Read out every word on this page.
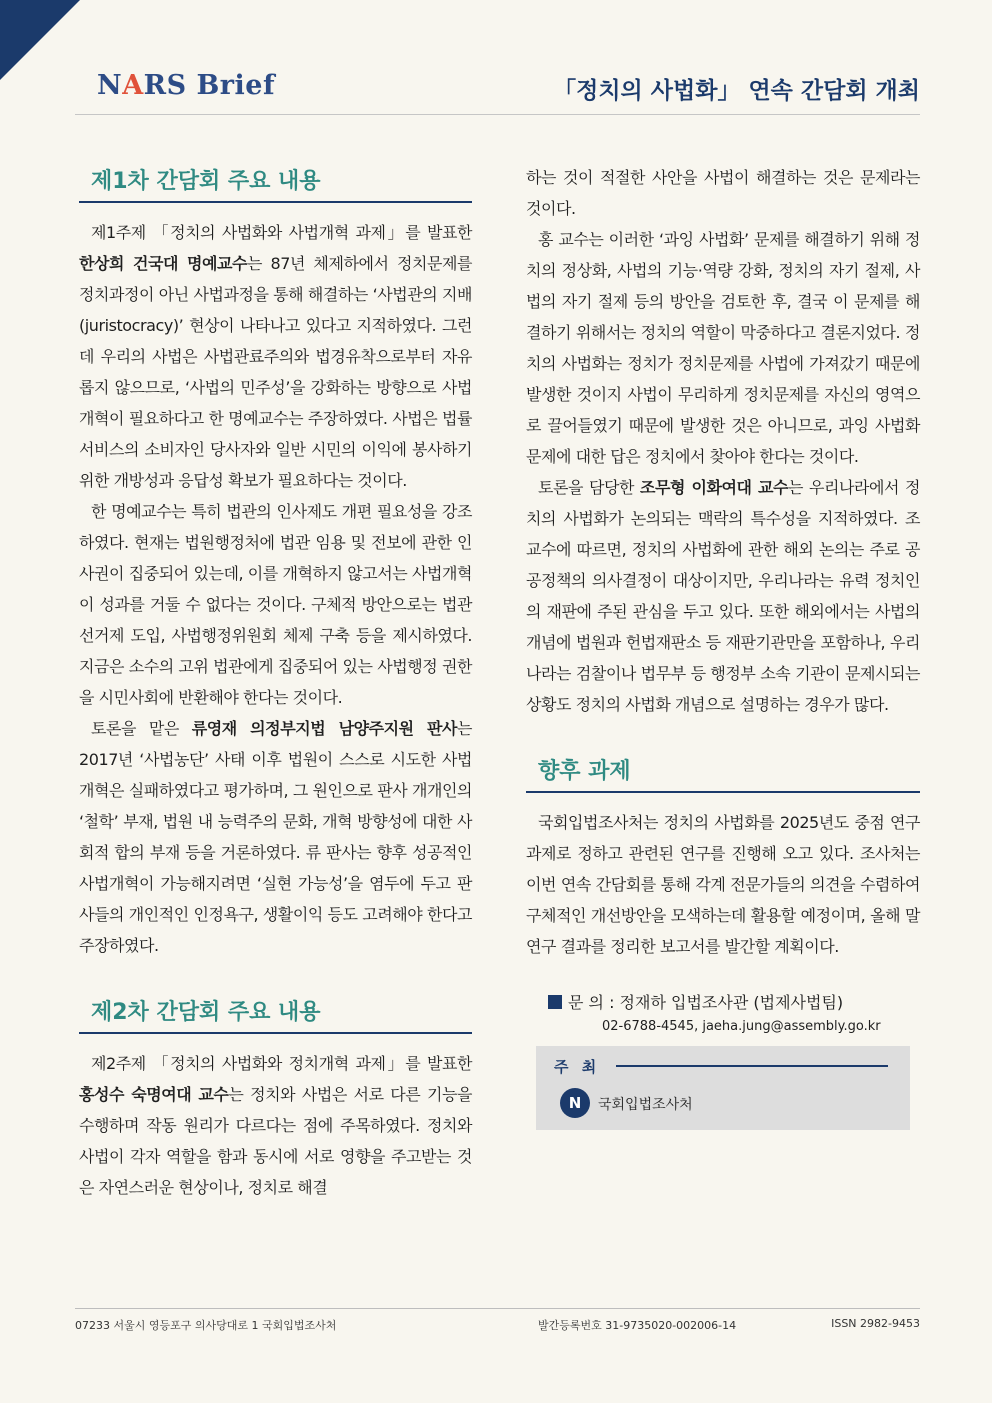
NARS Brief	「정치의 사법화」 연속 간담회 개최
제1차 간담회 주요 내용

제1주제 「정치의 사법화와 사법개혁 과제」를 발표한 한상희 건국대 명예교수는 87년 체제하에서 정치문제를 정치과정이 아닌 사법과정을 통해 해결하는 ‘사법관의 지배(juristocracy)’ 현상이 나타나고 있다고 지적하였다. 그런데 우리의 사법은 사법관료주의와 법경유착으로부터 자유롭지 않으므로, ‘사법의 민주성’을 강화하는 방향으로 사법개혁이 필요하다고 한 명예교수는 주장하였다. 사법은 법률서비스의 소비자인 당사자와 일반 시민의 이익에 봉사하기 위한 개방성과 응답성 확보가 필요하다는 것이다.

한 명예교수는 특히 법관의 인사제도 개편 필요성을 강조하였다. 현재는 법원행정처에 법관 임용 및 전보에 관한 인사권이 집중되어 있는데, 이를 개혁하지 않고서는 사법개혁이 성과를 거둘 수 없다는 것이다. 구체적 방안으로는 법관 선거제 도입, 사법행정위원회 체제 구축 등을 제시하였다. 지금은 소수의 고위 법관에게 집중되어 있는 사법행정 권한을 시민사회에 반환해야 한다는 것이다.

토론을 맡은 류영재 의정부지법 남양주지원 판사는 2017년 ‘사법농단’ 사태 이후 법원이 스스로 시도한 사법개혁은 실패하였다고 평가하며, 그 원인으로 판사 개개인의 ‘철학’ 부재, 법원 내 능력주의 문화, 개혁 방향성에 대한 사회적 합의 부재 등을 거론하였다. 류 판사는 향후 성공적인 사법개혁이 가능해지려면 ‘실현 가능성’을 염두에 두고 판사들의 개인적인 인정욕구, 생활이익 등도 고려해야 한다고 주장하였다.

제2차 간담회 주요 내용

제2주제 「정치의 사법화와 정치개혁 과제」를 발표한 홍성수 숙명여대 교수는 정치와 사법은 서로 다른 기능을 수행하며 작동 원리가 다르다는 점에 주목하였다. 정치와 사법이 각자 역할을 함과 동시에 서로 영향을 주고받는 것은 자연스러운 현상이나, 정치로 해결

하는 것이 적절한 사안을 사법이 해결하는 것은 문제라는 것이다.

홍 교수는 이러한 ‘과잉 사법화’ 문제를 해결하기 위해 정치의 정상화, 사법의 기능·역량 강화, 정치의 자기 절제, 사법의 자기 절제 등의 방안을 검토한 후, 결국 이 문제를 해결하기 위해서는 정치의 역할이 막중하다고 결론지었다. 정치의 사법화는 정치가 정치문제를 사법에 가져갔기 때문에 발생한 것이지 사법이 무리하게 정치문제를 자신의 영역으로 끌어들였기 때문에 발생한 것은 아니므로, 과잉 사법화 문제에 대한 답은 정치에서 찾아야 한다는 것이다.

토론을 담당한 조무형 이화여대 교수는 우리나라에서 정치의 사법화가 논의되는 맥락의 특수성을 지적하였다. 조 교수에 따르면, 정치의 사법화에 관한 해외 논의는 주로 공공정책의 의사결정이 대상이지만, 우리나라는 유력 정치인의 재판에 주된 관심을 두고 있다. 또한 해외에서는 사법의 개념에 법원과 헌법재판소 등 재판기관만을 포함하나, 우리나라는 검찰이나 법무부 등 행정부 소속 기관이 문제시되는 상황도 정치의 사법화 개념으로 설명하는 경우가 많다.

향후 과제

국회입법조사처는 정치의 사법화를 2025년도 중점 연구과제로 정하고 관련된 연구를 진행해 오고 있다. 조사처는 이번 연속 간담회를 통해 각계 전문가들의 의견을 수렴하여 구체적인 개선방안을 모색하는데 활용할 예정이며, 올해 말 연구 결과를 정리한 보고서를 발간할 계획이다.

문 의 : 정재하 입법조사관 (법제사법팀)
02-6788-4545, jaeha.jung@assembly.go.kr
주 최
N	국회입법조사처
07233 서울시 영등포구 의사당대로 1 국회입법조사처	발간등록번호 31-9735020-002006-14	ISSN 2982-9453
